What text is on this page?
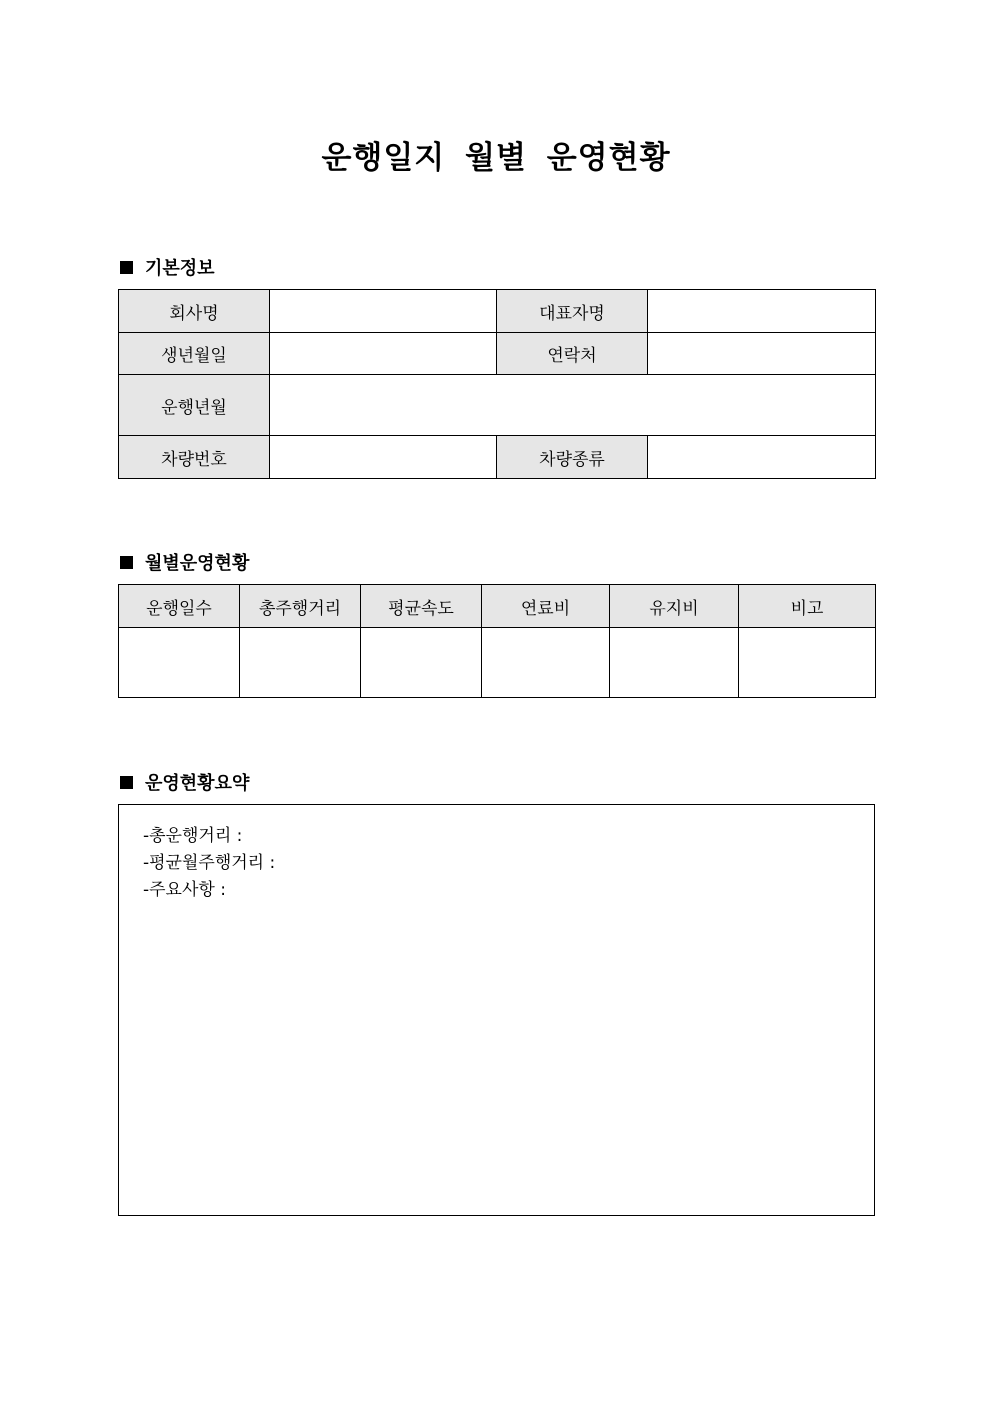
운행일지 월별 운영현황
기본정보
회사명		대표자명	
생년월일		연락처	
운행년월			
차량번호		차량종류	
월별운영현황
운행일수	총주행거리	평균속도	연료비	유지비	비고

운영현황요약
-총운행거리 :
-평균월주행거리 :
-주요사항 :
